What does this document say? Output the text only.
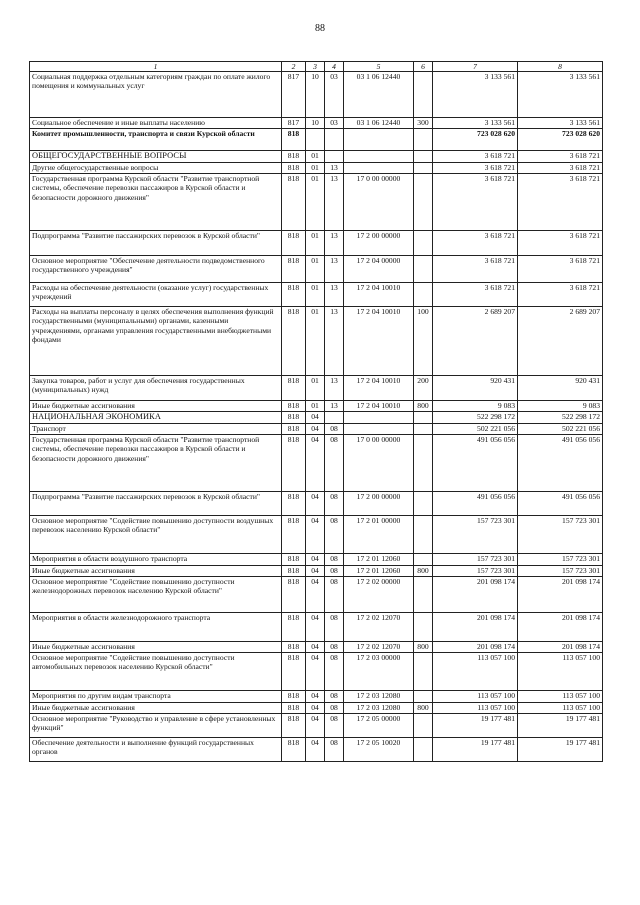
88
1	2	3	4	5	6	7	8
Социальная поддержка отдельным категориям граждан по оплате жилого помещения и коммунальных услуг	817	10	03	03 1 06 12440		3 133 561	3 133 561
Социальное обеспечение и иные выплаты населению	817	10	03	03 1 06 12440	300	3 133 561	3 133 561
Комитет промышленности, транспорта и связи Курской области	818					723 028 620	723 028 620
ОБЩЕГОСУДАРСТВЕННЫЕ ВОПРОСЫ	818	01				3 618 721	3 618 721
Другие общегосударственные вопросы	818	01	13			3 618 721	3 618 721
Государственная программа Курской области "Развитие транспортной системы, обеспечение перевозки пассажиров в Курской области и безопасности дорожного движения"	818	01	13	17 0 00 00000		3 618 721	3 618 721
Подпрограмма "Развитие пассажирских перевозок в Курской области"	818	01	13	17 2 00 00000		3 618 721	3 618 721
Основное мероприятие "Обеспечение деятельности подведомственного государственного учреждения"	818	01	13	17 2 04 00000		3 618 721	3 618 721
Расходы на обеспечение деятельности (оказание услуг) государственных учреждений	818	01	13	17 2 04 10010		3 618 721	3 618 721
Расходы на выплаты персоналу в целях обеспечения выполнения функций государственными (муниципальными) органами, казенными учреждениями, органами управления государственными внебюджетными фондами	818	01	13	17 2 04 10010	100	2 689 207	2 689 207
Закупка товаров, работ и услуг для обеспечения государственных (муниципальных) нужд	818	01	13	17 2 04 10010	200	920 431	920 431
Иные бюджетные ассигнования	818	01	13	17 2 04 10010	800	9 083	9 083
НАЦИОНАЛЬНАЯ ЭКОНОМИКА	818	04				522 298 172	522 298 172
Транспорт	818	04	08			502 221 056	502 221 056
Государственная программа Курской области "Развитие транспортной системы, обеспечение перевозки пассажиров в Курской области и безопасности дорожного движения"	818	04	08	17 0 00 00000		491 056 056	491 056 056
Подпрограмма "Развитие пассажирских перевозок в Курской области"	818	04	08	17 2 00 00000		491 056 056	491 056 056
Основное мероприятие "Содействие повышению доступности воздушных перевозок населению Курской области"	818	04	08	17 2 01 00000		157 723 301	157 723 301
Мероприятия в области воздушного транспорта	818	04	08	17 2 01 12060		157 723 301	157 723 301
Иные бюджетные ассигнования	818	04	08	17 2 01 12060	800	157 723 301	157 723 301
Основное мероприятие "Содействие повышению доступности железнодорожных перевозок населению Курской области"	818	04	08	17 2 02 00000		201 098 174	201 098 174
Мероприятия в области железнодорожного транспорта	818	04	08	17 2 02 12070		201 098 174	201 098 174
Иные бюджетные ассигнования	818	04	08	17 2 02 12070	800	201 098 174	201 098 174
Основное мероприятие "Содействие повышению доступности автомобильных перевозок населению Курской области"	818	04	08	17 2 03 00000		113 057 100	113 057 100
Мероприятия по другим видам транспорта	818	04	08	17 2 03 12080		113 057 100	113 057 100
Иные бюджетные ассигнования	818	04	08	17 2 03 12080	800	113 057 100	113 057 100
Основное мероприятие "Руководство и управление в сфере установленных функций"	818	04	08	17 2 05 00000		19 177 481	19 177 481
Обеспечение деятельности и выполнение функций государственных органов	818	04	08	17 2 05 10020		19 177 481	19 177 481
